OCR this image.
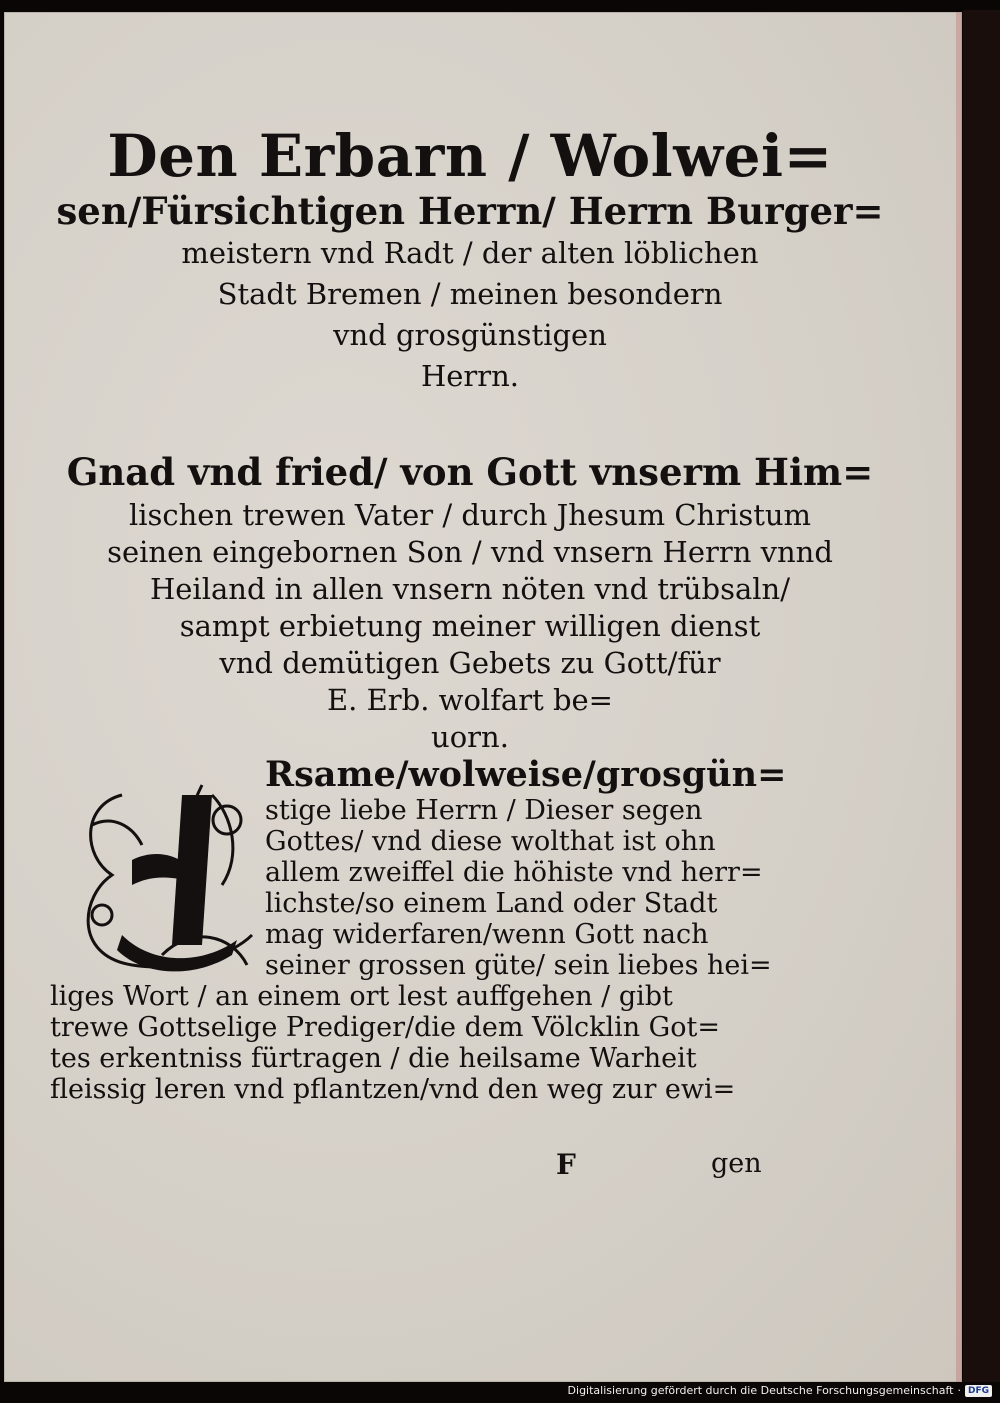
Den Erbarn / Wolwei=
sen/Fürsichtigen Herrn/ Herrn Burger=
meistern vnd Radt / der alten löblichen
Stadt Bremen / meinen besondern
vnd grosgünstigen
Herrn.
Gnad vnd fried/ von Gott vnserm Him=
lischen trewen Vater / durch Jhesum Christum
seinen eingebornen Son / vnd vnsern Herrn vnnd
Heiland in allen vnsern nöten vnd trübsaln/
sampt erbietung meiner willigen dienst
vnd demütigen Gebets zu Gott/für
E. Erb. wolfart be=
uorn.
Rsame/wolweise/grosgün=
stige liebe Herrn / Dieser segen
Gottes/ vnd diese wolthat ist ohn
allem zweiffel die höhiste vnd herr=
lichste/so einem Land oder Stadt
mag widerfaren/wenn Gott nach
seiner grossen güte/ sein liebes hei=
liges Wort / an einem ort lest auffgehen / gibt
trewe Gottselige Prediger/die dem Völcklin Got=
tes erkentniss fürtragen / die heilsame Warheit
fleissig leren vnd pflantzen/vnd den weg zur ewi=
F	gen
Digitalisierung gefördert durch die Deutsche Forschungsgemeinschaft · DFG
